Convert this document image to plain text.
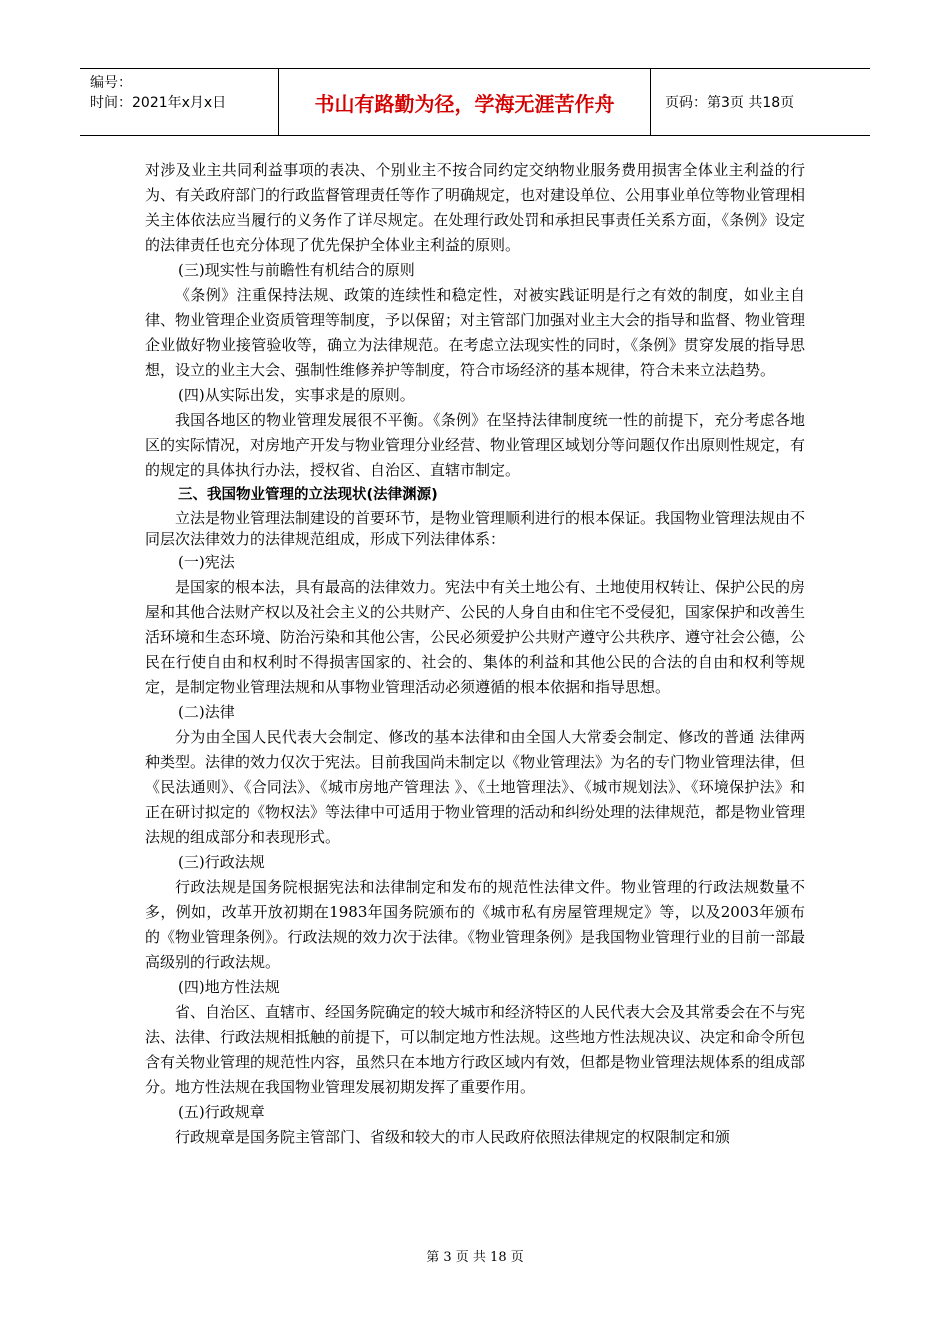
编号：
时间：2021年x月x日	书山有路勤为径，学海无涯苦作舟	页码：第3页 共18页

对涉及业主共同利益事项的表决、个别业主不按合同约定交纳物业服务费用损害全体业主利益的行为、有关政府部门的行政监督管理责任等作了明确规定，也对建设单位、公用事业单位等物业管理相关主体依法应当履行的义务作了详尽规定。在处理行政处罚和承担民事责任关系方面，《条例》设定的法律责任也充分体现了优先保护全体业主利益的原则。

(三)现实性与前瞻性有机结合的原则

《条例》注重保持法规、政策的连续性和稳定性，对被实践证明是行之有效的制度，如业主自律、物业管理企业资质管理等制度，予以保留；对主管部门加强对业主大会的指导和监督、物业管理企业做好物业接管验收等，确立为法律规范。在考虑立法现实性的同时，《条例》贯穿发展的指导思想，设立的业主大会、强制性维修养护等制度，符合市场经济的基本规律，符合未来立法趋势。

(四)从实际出发，实事求是的原则。

我国各地区的物业管理发展很不平衡。《条例》在坚持法律制度统一性的前提下，充分考虑各地区的实际情况，对房地产开发与物业管理分业经营、物业管理区域划分等问题仅作出原则性规定，有的规定的具体执行办法，授权省、自治区、直辖市制定。

三、我国物业管理的立法现状(法律渊源)

立法是物业管理法制建设的首要环节，是物业管理顺利进行的根本保证。我国物业管理法规由不同层次法律效力的法律规范组成，形成下列法律体系：

(一)宪法

是国家的根本法，具有最高的法律效力。宪法中有关土地公有、土地使用权转让、保护公民的房屋和其他合法财产权以及社会主义的公共财产、公民的人身自由和住宅不受侵犯，国家保护和改善生活环境和生态环境、防治污染和其他公害，公民必须爱护公共财产遵守公共秩序、遵守社会公德，公民在行使自由和权利时不得损害国家的、社会的、集体的利益和其他公民的合法的自由和权利等规定，是制定物业管理法规和从事物业管理活动必须遵循的根本依据和指导思想。

(二)法律

分为由全国人民代表大会制定、修改的基本法律和由全国人大常委会制定、修改的普通 法律两种类型。法律的效力仅次于宪法。目前我国尚未制定以《物业管理法》为名的专门物业管理法律，但《民法通则》、《合同法》、《城市房地产管理法 》、《土地管理法》、《城市规划法》、《环境保护法》和正在研讨拟定的《物权法》等法律中可适用于物业管理的活动和纠纷处理的法律规范，都是物业管理法规的组成部分和表现形式。

(三)行政法规

行政法规是国务院根据宪法和法律制定和发布的规范性法律文件。物业管理的行政法规数量不多，例如，改革开放初期在1983年国务院颁布的《城市私有房屋管理规定》等，以及2003年颁布的《物业管理条例》。行政法规的效力次于法律。《物业管理条例》是我国物业管理行业的目前一部最高级别的行政法规。

(四)地方性法规

省、自治区、直辖市、经国务院确定的较大城市和经济特区的人民代表大会及其常委会在不与宪法、法律、行政法规相抵触的前提下，可以制定地方性法规。这些地方性法规决议、决定和命令所包含有关物业管理的规范性内容，虽然只在本地方行政区域内有效，但都是物业管理法规体系的组成部分。地方性法规在我国物业管理发展初期发挥了重要作用。

(五)行政规章

行政规章是国务院主管部门、省级和较大的市人民政府依照法律规定的权限制定和颁

第 3 页 共 18 页
